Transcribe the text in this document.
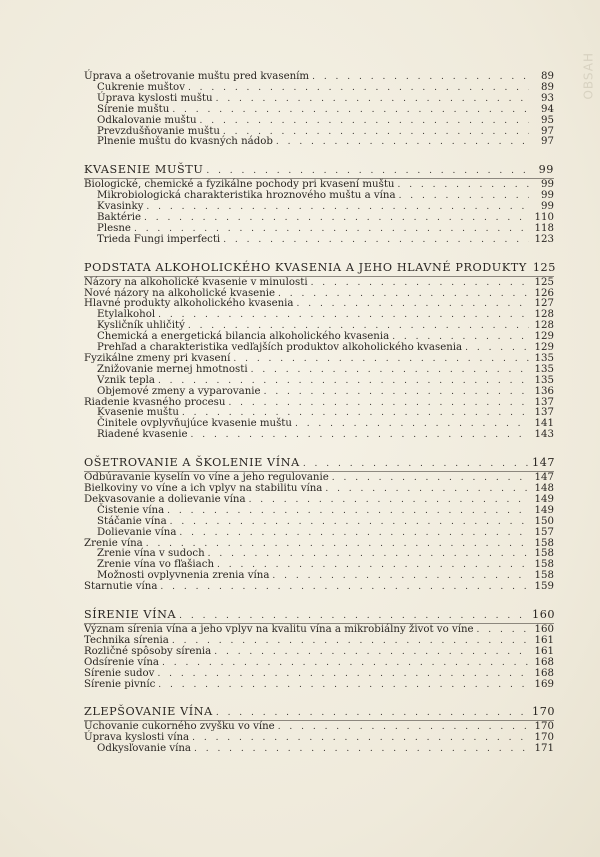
OBSAH
Úprava a ošetrovanie muštu pred kvasením . . .	89
Cukrenie muštov . . .	89
Úprava kyslosti muštu . . .	93
Sírenie muštu . . .	94
Odkalovanie muštu . . .	95
Prevzdušňovanie muštu . . .	97
Plnenie muštu do kvasných nádob . . .	97
KVASENIE MUŠTU . . .	99
Biologické, chemické a fyzikálne pochody pri kvasení muštu . . .	99
Mikrobiologická charakteristika hroznového muštu a vína . . .	99
Kvasinky . . .	99
Baktérie . . .	110
Plesne . . .	118
Trieda Fungi imperfecti . . .	123
PODSTATA ALKOHOLICKÉHO KVASENIA A JEHO HLAVNÉ PRODUKTY 125
Názory na alkoholické kvasenie v minulosti . . .	125
Nové názory na alkoholické kvasenie . . .	126
Hlavné produkty alkoholického kvasenia . . .	127
Etylalkohol . . .	128
Kysličník uhličitý . . .	128
Chemická a energetická bilancia alkoholického kvasenia . . .	129
Prehľad a charakteristika vedľajších produktov alkoholického kvasenia . . .	129
Fyzikálne zmeny pri kvasení . . .	135
Znižovanie mernej hmotnosti . . .	135
Vznik tepla . . .	135
Objemové zmeny a vyparovanie . . .	136
Riadenie kvasného procesu . . .	137
Kvasenie muštu . . .	137
Činitele ovplyvňujúce kvasenie muštu . . .	141
Riadené kvasenie . . .	143
OŠETROVANIE A ŠKOLENIE VÍNA . . .	147
Odbúravanie kyselín vo víne a jeho regulovanie . . .	147
Bielkoviny vo víne a ich vplyv na stabilitu vína . . .	148
Dekvasovanie a dolievanie vína . . .	149
Čistenie vína . . .	149
Stáčanie vína . . .	150
Dolievanie vína . . .	157
Zrenie vína . . .	158
Zrenie vína v sudoch . . .	158
Zrenie vína vo fľašiach . . .	158
Možnosti ovplyvnenia zrenia vína . . .	158
Starnutie vína . . .	159
SÍRENIE VÍNA . . .	160
Význam sírenia vína a jeho vplyv na kvalitu vína a mikrobiálny život vo víne . . .	160
Technika sírenia . . .	161
Rozličné spôsoby sírenia . . .	161
Odsírenie vína . . .	168
Sírenie sudov . . .	168
Sírenie pivníc . . .	169
ZLEPŠOVANIE VÍNA . . .	170
Uchovanie cukorného zvyšku vo víne . . .	170
Úprava kyslosti vína . . .	170
Odkysľovanie vína . . .	171
